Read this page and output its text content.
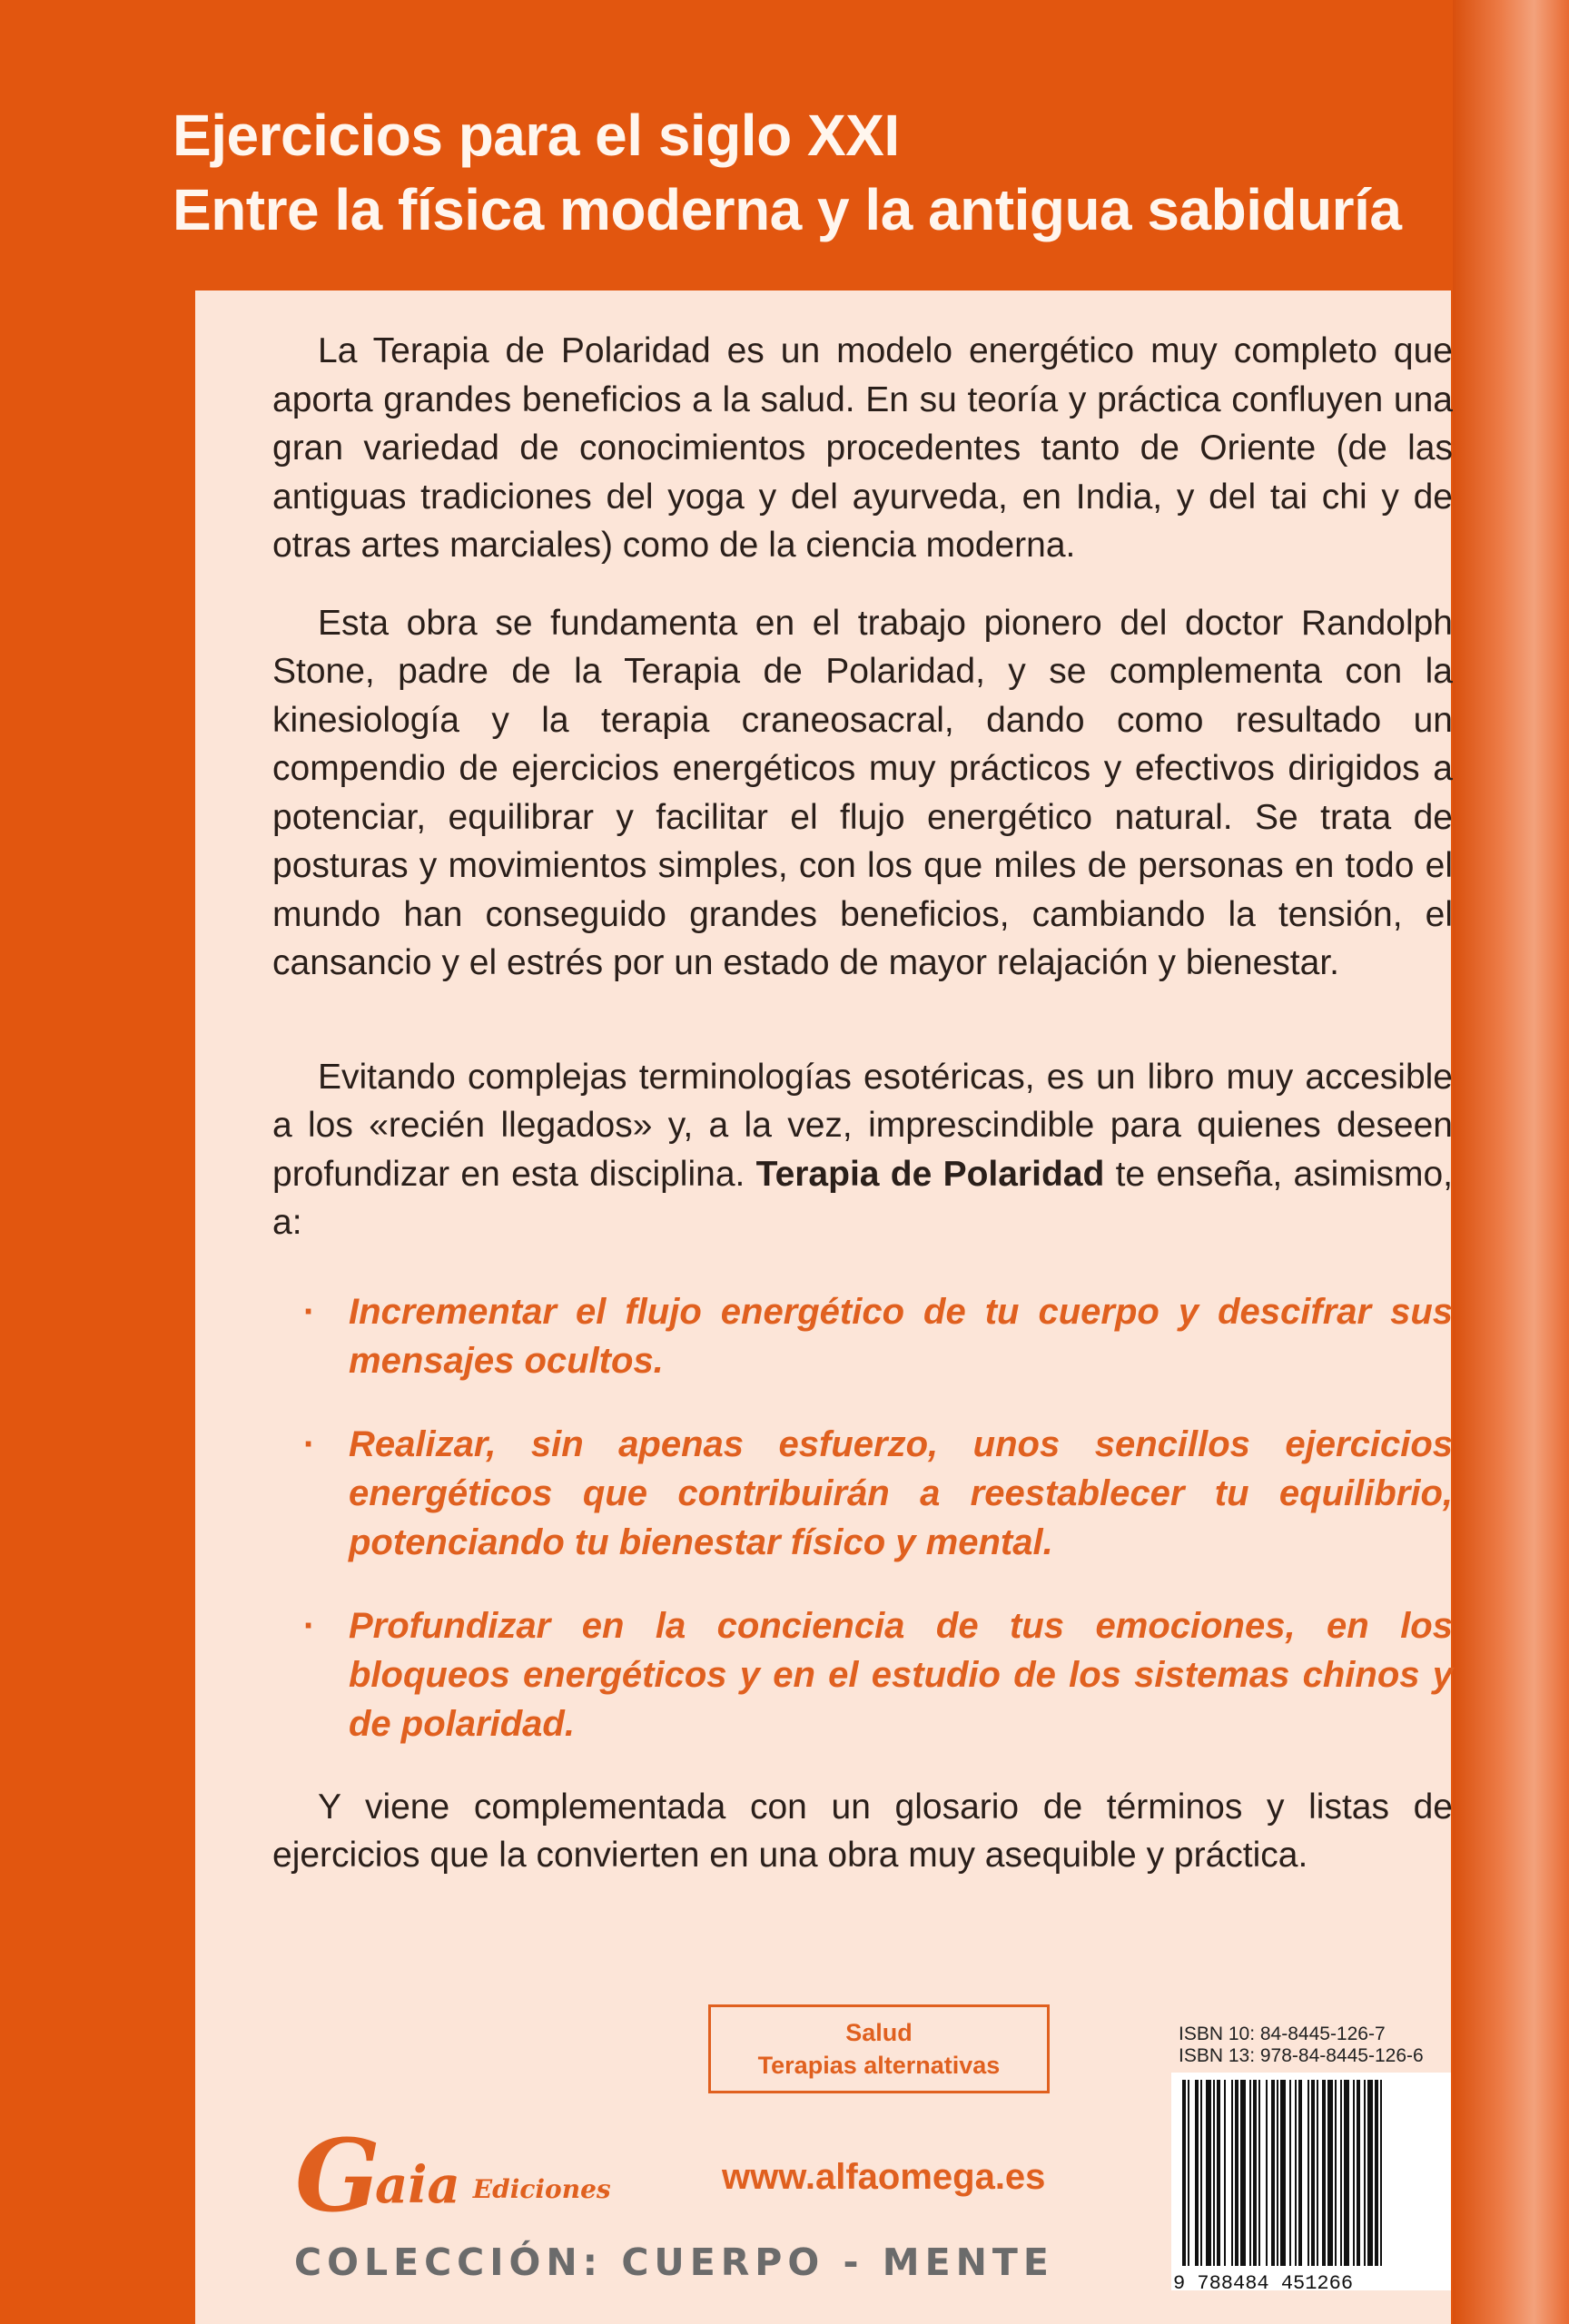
Ejercicios para el siglo XXI
Entre la física moderna y la antigua sabiduría

La Terapia de Polaridad es un modelo energético muy completo que aporta grandes beneficios a la salud. En su teoría y práctica confluyen una gran variedad de conocimientos procedentes tanto de Oriente (de las antiguas tradiciones del yoga y del ayurveda, en India, y del tai chi y de otras artes marciales) como de la ciencia moderna.

Esta obra se fundamenta en el trabajo pionero del doctor Randolph Stone, padre de la Terapia de Polaridad, y se complementa con la kinesiología y la terapia craneosacral, dando como resultado un compendio de ejercicios energéticos muy prácticos y efectivos dirigidos a potenciar, equilibrar y facilitar el flujo energético natural. Se trata de posturas y movimientos simples, con los que miles de personas en todo el mundo han conseguido grandes beneficios, cambiando la tensión, el cansancio y el estrés por un estado de mayor relajación y bienestar.

Evitando complejas terminologías esotéricas, es un libro muy accesible a los «recién llegados» y, a la vez, imprescindible para quienes deseen profundizar en esta disciplina. Terapia de Polaridad te enseña, asimismo, a:

· Incrementar el flujo energético de tu cuerpo y descifrar sus mensajes ocultos.
· Realizar, sin apenas esfuerzo, unos sencillos ejercicios energéticos que contribuirán a reestablecer tu equilibrio, potenciando tu bienestar físico y mental.
· Profundizar en la conciencia de tus emociones, en los bloqueos energéticos y en el estudio de los sistemas chinos y de polaridad.

Y viene complementada con un glosario de términos y listas de ejercicios que la convierten en una obra muy asequible y práctica.

Salud
Terapias alternativas
ISBN 10: 84-8445-126-7
ISBN 13: 978-84-8445-126-6
9 788484 451266
G
aia Ediciones	www.alfaomega.es
COLECCIÓN: CUERPO - MENTE
